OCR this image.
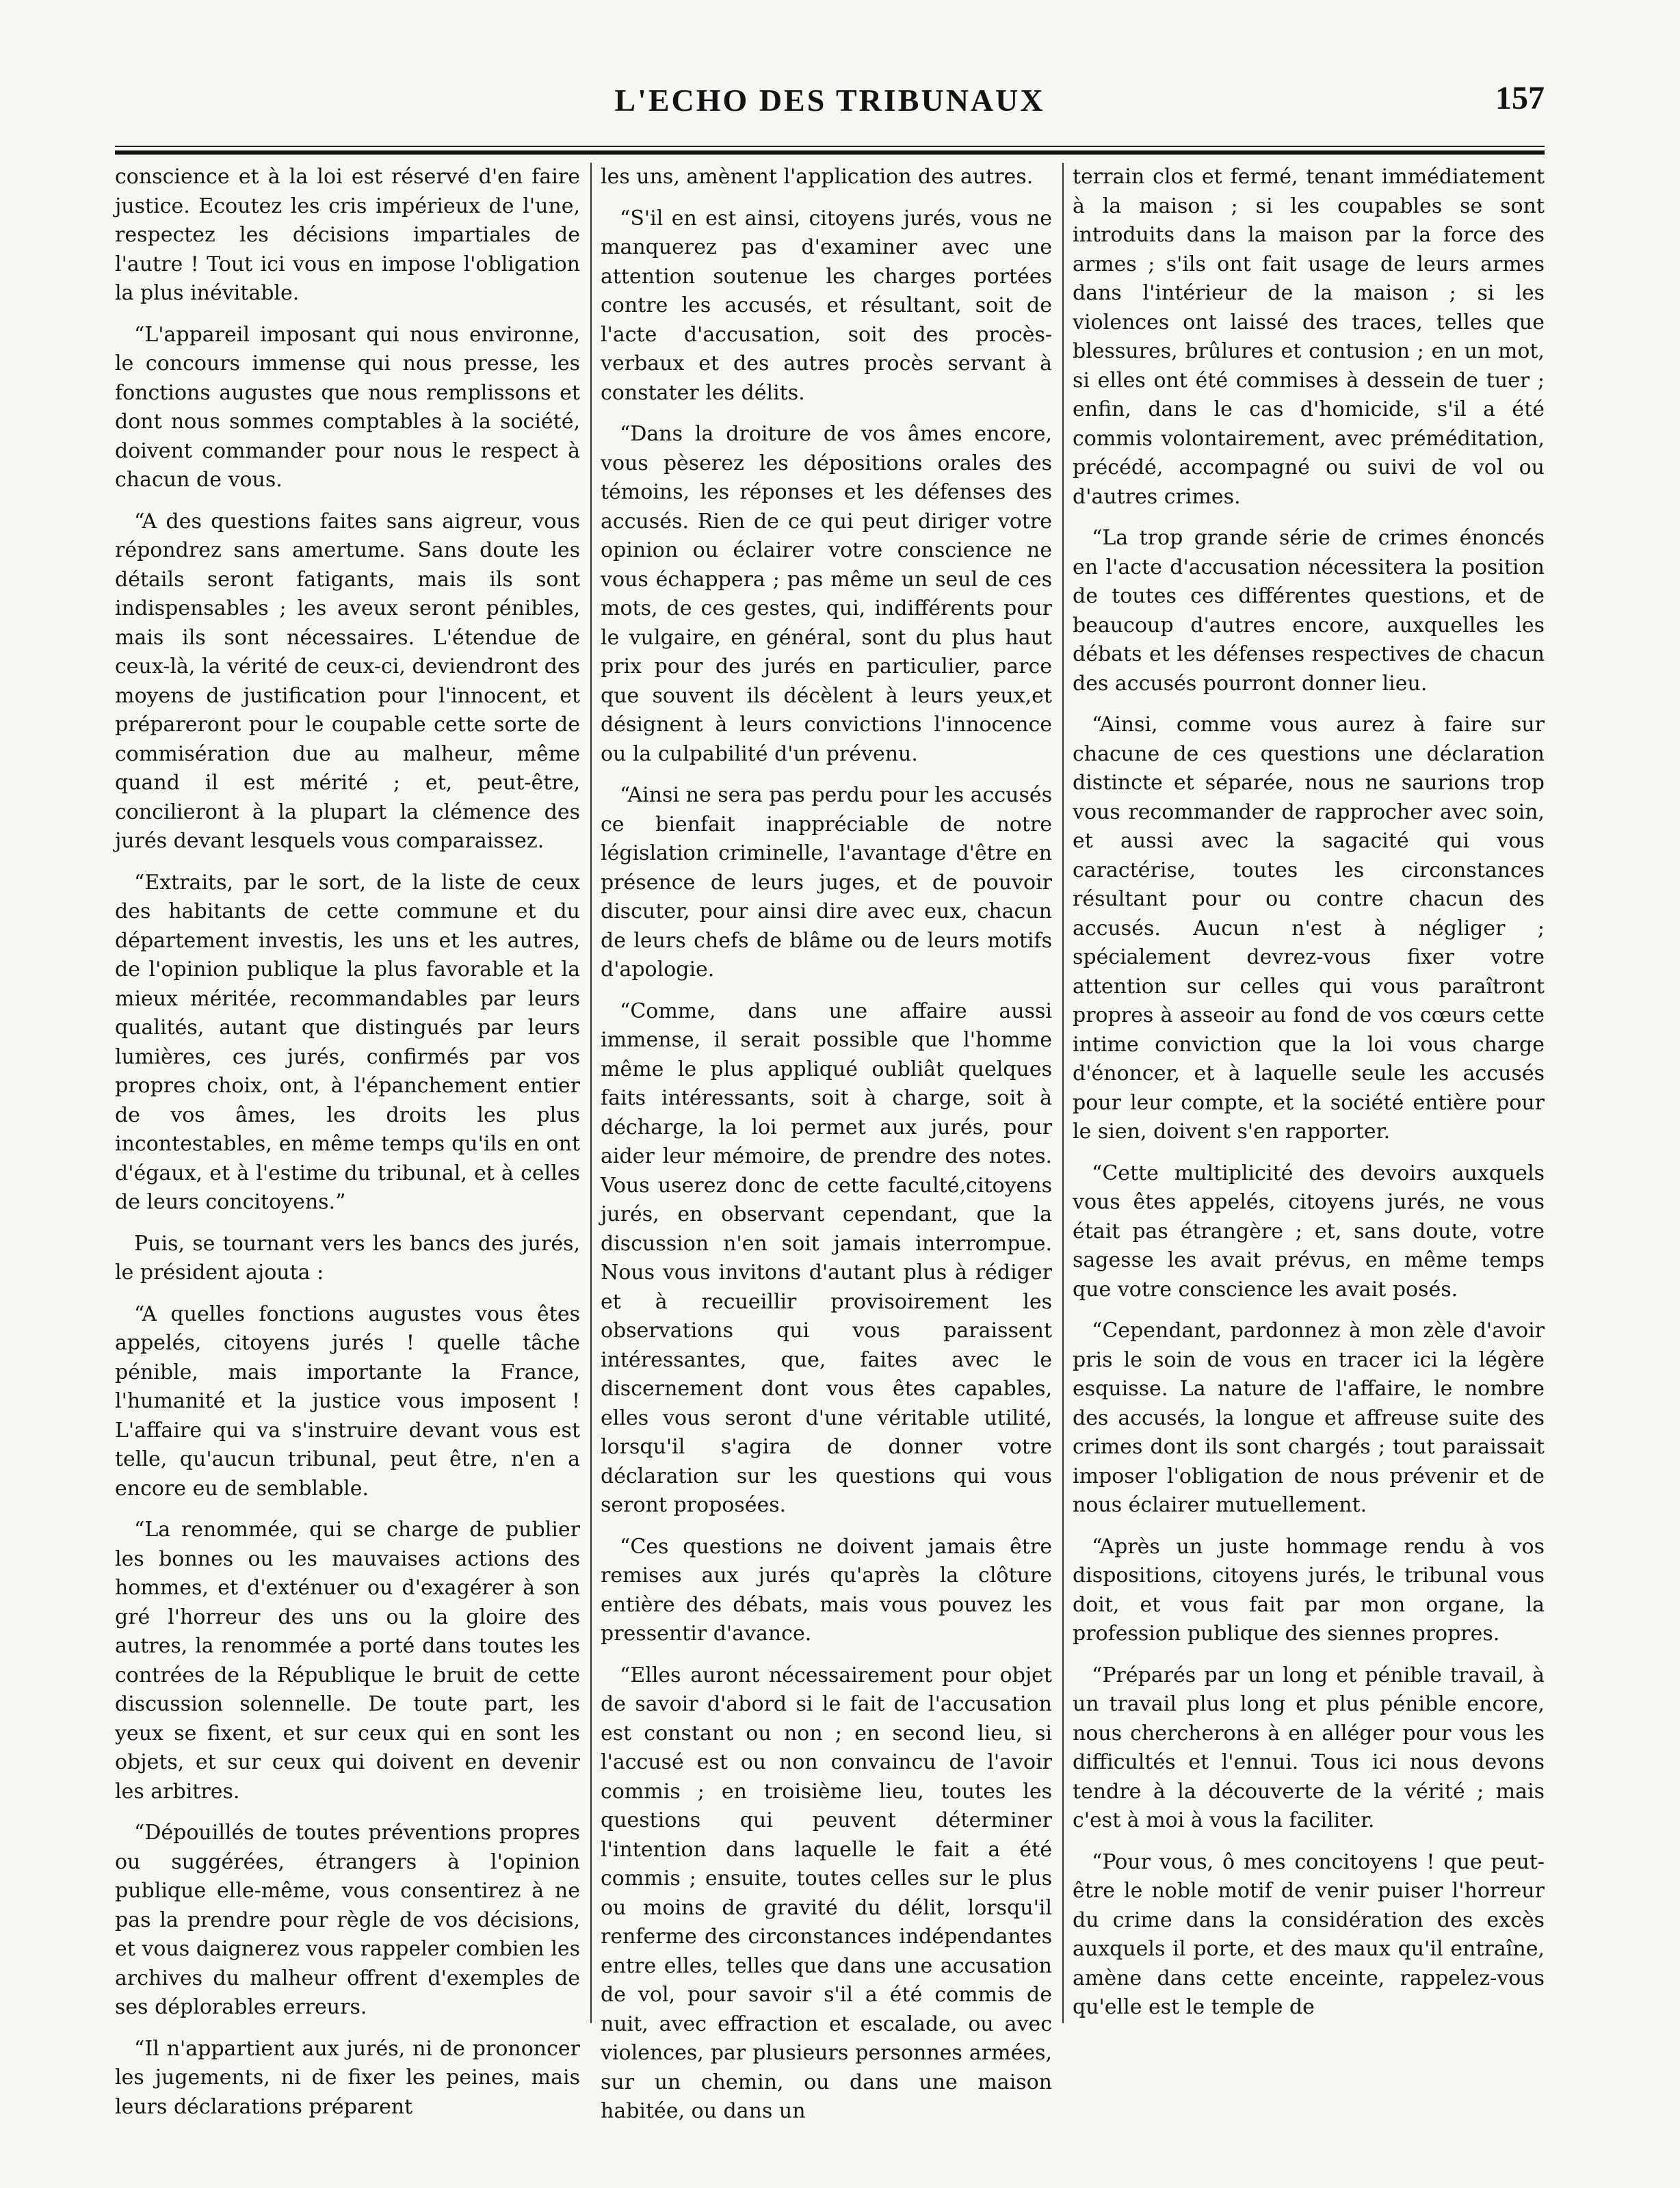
L'ECHO DES TRIBUNAUX	157

conscience et à la loi est réservé d'en faire justice. Ecoutez les cris impérieux de l'une, respectez les décisions impartiales de l'autre ! Tout ici vous en impose l'obligation la plus inévitable.

“L'appareil imposant qui nous environne, le concours immense qui nous presse, les fonctions augustes que nous remplissons et dont nous sommes comptables à la société, doivent commander pour nous le respect à chacun de vous.

“A des questions faites sans aigreur, vous répondrez sans amertume. Sans doute les détails seront fatigants, mais ils sont indispensables ; les aveux seront pénibles, mais ils sont nécessaires. L'étendue de ceux-là, la vérité de ceux-ci, deviendront des moyens de justification pour l'innocent, et prépareront pour le coupable cette sorte de commisération due au malheur, même quand il est mérité ; et, peut-être, concilieront à la plupart la clémence des jurés devant lesquels vous comparaissez.

“Extraits, par le sort, de la liste de ceux des habitants de cette commune et du département investis, les uns et les autres, de l'opinion publique la plus favorable et la mieux méritée, recommandables par leurs qualités, autant que distingués par leurs lumières, ces jurés, confirmés par vos propres choix, ont, à l'épanchement entier de vos âmes, les droits les plus incontestables, en même temps qu'ils en ont d'égaux, et à l'estime du tribunal, et à celles de leurs concitoyens.”

Puis, se tournant vers les bancs des jurés, le président ajouta :

“A quelles fonctions augustes vous êtes appelés, citoyens jurés ! quelle tâche pénible, mais importante la France, l'humanité et la justice vous imposent ! L'affaire qui va s'instruire devant vous est telle, qu'aucun tribunal, peut être, n'en a encore eu de semblable.

“La renommée, qui se charge de publier les bonnes ou les mauvaises actions des hommes, et d'exténuer ou d'exagérer à son gré l'horreur des uns ou la gloire des autres, la renommée a porté dans toutes les contrées de la République le bruit de cette discussion solennelle. De toute part, les yeux se fixent, et sur ceux qui en sont les objets, et sur ceux qui doivent en devenir les arbitres.

“Dépouillés de toutes préventions propres ou suggérées, étrangers à l'opinion publique elle-même, vous consentirez à ne pas la prendre pour règle de vos décisions, et vous daignerez vous rappeler combien les archives du malheur offrent d'exemples de ses déplorables erreurs.

“Il n'appartient aux jurés, ni de prononcer les jugements, ni de fixer les peines, mais leurs déclarations préparent

les uns, amènent l'application des autres.

“S'il en est ainsi, citoyens jurés, vous ne manquerez pas d'examiner avec une attention soutenue les charges portées contre les accusés, et résultant, soit de l'acte d'accusation, soit des procès-verbaux et des autres procès servant à constater les délits.

“Dans la droiture de vos âmes encore, vous pèserez les dépositions orales des témoins, les réponses et les défenses des accusés. Rien de ce qui peut diriger votre opinion ou éclairer votre conscience ne vous échappera ; pas même un seul de ces mots, de ces gestes, qui, indifférents pour le vulgaire, en général, sont du plus haut prix pour des jurés en particulier, parce que souvent ils décèlent à leurs yeux,et désignent à leurs convictions l'innocence ou la culpabilité d'un prévenu.

“Ainsi ne sera pas perdu pour les accusés ce bienfait inappréciable de notre législation criminelle, l'avantage d'être en présence de leurs juges, et de pouvoir discuter, pour ainsi dire avec eux, chacun de leurs chefs de blâme ou de leurs motifs d'apologie.

“Comme, dans une affaire aussi immense, il serait possible que l'homme même le plus appliqué oubliât quelques faits intéressants, soit à charge, soit à décharge, la loi permet aux jurés, pour aider leur mémoire, de prendre des notes. Vous userez donc de cette faculté,citoyens jurés, en observant cependant, que la discussion n'en soit jamais interrompue. Nous vous invitons d'autant plus à rédiger et à recueillir provisoirement les observations qui vous paraissent intéressantes, que, faites avec le discernement dont vous êtes capables, elles vous seront d'une véritable utilité, lorsqu'il s'agira de donner votre déclaration sur les questions qui vous seront proposées.

“Ces questions ne doivent jamais être remises aux jurés qu'après la clôture entière des débats, mais vous pouvez les pressentir d'avance.

“Elles auront nécessairement pour objet de savoir d'abord si le fait de l'accusation est constant ou non ; en second lieu, si l'accusé est ou non convaincu de l'avoir commis ; en troisième lieu, toutes les questions qui peuvent déterminer l'intention dans laquelle le fait a été commis ; ensuite, toutes celles sur le plus ou moins de gravité du délit, lorsqu'il renferme des circonstances indépendantes entre elles, telles que dans une accusation de vol, pour savoir s'il a été commis de nuit, avec effraction et escalade, ou avec violences, par plusieurs personnes armées, sur un chemin, ou dans une maison habitée, ou dans un

terrain clos et fermé, tenant immédiatement à la maison ; si les coupables se sont introduits dans la maison par la force des armes ; s'ils ont fait usage de leurs armes dans l'intérieur de la maison ; si les violences ont laissé des traces, telles que blessures, brûlures et contusion ; en un mot, si elles ont été commises à dessein de tuer ; enfin, dans le cas d'homicide, s'il a été commis volontairement, avec préméditation, précédé, accompagné ou suivi de vol ou d'autres crimes.

“La trop grande série de crimes énoncés en l'acte d'accusation nécessitera la position de toutes ces différentes questions, et de beaucoup d'autres encore, auxquelles les débats et les défenses respectives de chacun des accusés pourront donner lieu.

“Ainsi, comme vous aurez à faire sur chacune de ces questions une déclaration distincte et séparée, nous ne saurions trop vous recommander de rapprocher avec soin, et aussi avec la sagacité qui vous caractérise, toutes les circonstances résultant pour ou contre chacun des accusés. Aucun n'est à négliger ; spécialement devrez-vous fixer votre attention sur celles qui vous paraîtront propres à asseoir au fond de vos cœurs cette intime conviction que la loi vous charge d'énoncer, et à laquelle seule les accusés pour leur compte, et la société entière pour le sien, doivent s'en rapporter.

“Cette multiplicité des devoirs auxquels vous êtes appelés, citoyens jurés, ne vous était pas étrangère ; et, sans doute, votre sagesse les avait prévus, en même temps que votre conscience les avait posés.

“Cependant, pardonnez à mon zèle d'avoir pris le soin de vous en tracer ici la légère esquisse. La nature de l'affaire, le nombre des accusés, la longue et affreuse suite des crimes dont ils sont chargés ; tout paraissait imposer l'obligation de nous prévenir et de nous éclairer mutuellement.

“Après un juste hommage rendu à vos dispositions, citoyens jurés, le tribunal vous doit, et vous fait par mon organe, la profession publique des siennes propres.

“Préparés par un long et pénible travail, à un travail plus long et plus pénible encore, nous chercherons à en alléger pour vous les difficultés et l'ennui. Tous ici nous devons tendre à la découverte de la vérité ; mais c'est à moi à vous la faciliter.

“Pour vous, ô mes concitoyens ! que peut-être le noble motif de venir puiser l'horreur du crime dans la considération des excès auxquels il porte, et des maux qu'il entraîne, amène dans cette enceinte, rappelez-vous qu'elle est le temple de
